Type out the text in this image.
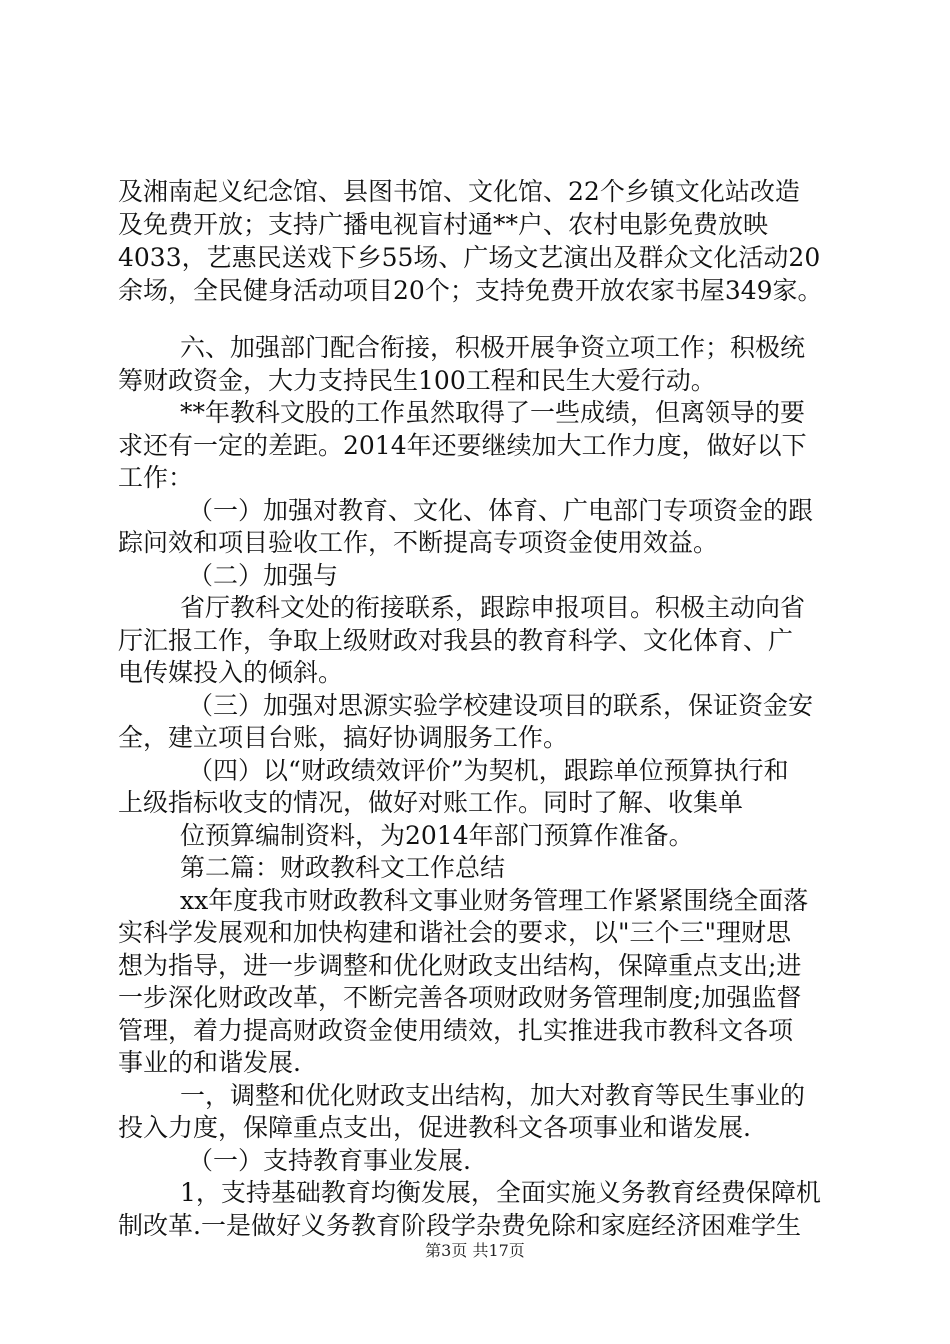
及湘南起义纪念馆、县图书馆、文化馆、22个乡镇文化站改造
及免费开放；支持广播电视盲村通**户、农村电影免费放映
4033，艺惠民送戏下乡55场、广场文艺演出及群众文化活动20
余场，全民健身活动项目20个；支持免费开放农家书屋349家。
六、加强部门配合衔接，积极开展争资立项工作；积极统
筹财政资金，大力支持民生100工程和民生大爱行动。
**年教科文股的工作虽然取得了一些成绩，但离领导的要
求还有一定的差距。2014年还要继续加大工作力度，做好以下
工作：
（一）加强对教育、文化、体育、广电部门专项资金的跟
踪问效和项目验收工作，不断提高专项资金使用效益。
（二）加强与
省厅教科文处的衔接联系，跟踪申报项目。积极主动向省
厅汇报工作，争取上级财政对我县的教育科学、文化体育、广
电传媒投入的倾斜。
（三）加强对思源实验学校建设项目的联系，保证资金安
全，建立项目台账，搞好协调服务工作。
（四）以“财政绩效评价”为契机，跟踪单位预算执行和
上级指标收支的情况，做好对账工作。同时了解、收集单
位预算编制资料，为2014年部门预算作准备。
第二篇：财政教科文工作总结
xx年度我市财政教科文事业财务管理工作紧紧围绕全面落
实科学发展观和加快构建和谐社会的要求，以"三个三"理财思
想为指导，进一步调整和优化财政支出结构，保障重点支出;进
一步深化财政改革，不断完善各项财政财务管理制度;加强监督
管理，着力提高财政资金使用绩效，扎实推进我市教科文各项
事业的和谐发展.
一，调整和优化财政支出结构，加大对教育等民生事业的
投入力度，保障重点支出，促进教科文各项事业和谐发展.
（一）支持教育事业发展.
1，支持基础教育均衡发展，全面实施义务教育经费保障机
制改革.一是做好义务教育阶段学杂费免除和家庭经济困难学生
第3页 共17页
